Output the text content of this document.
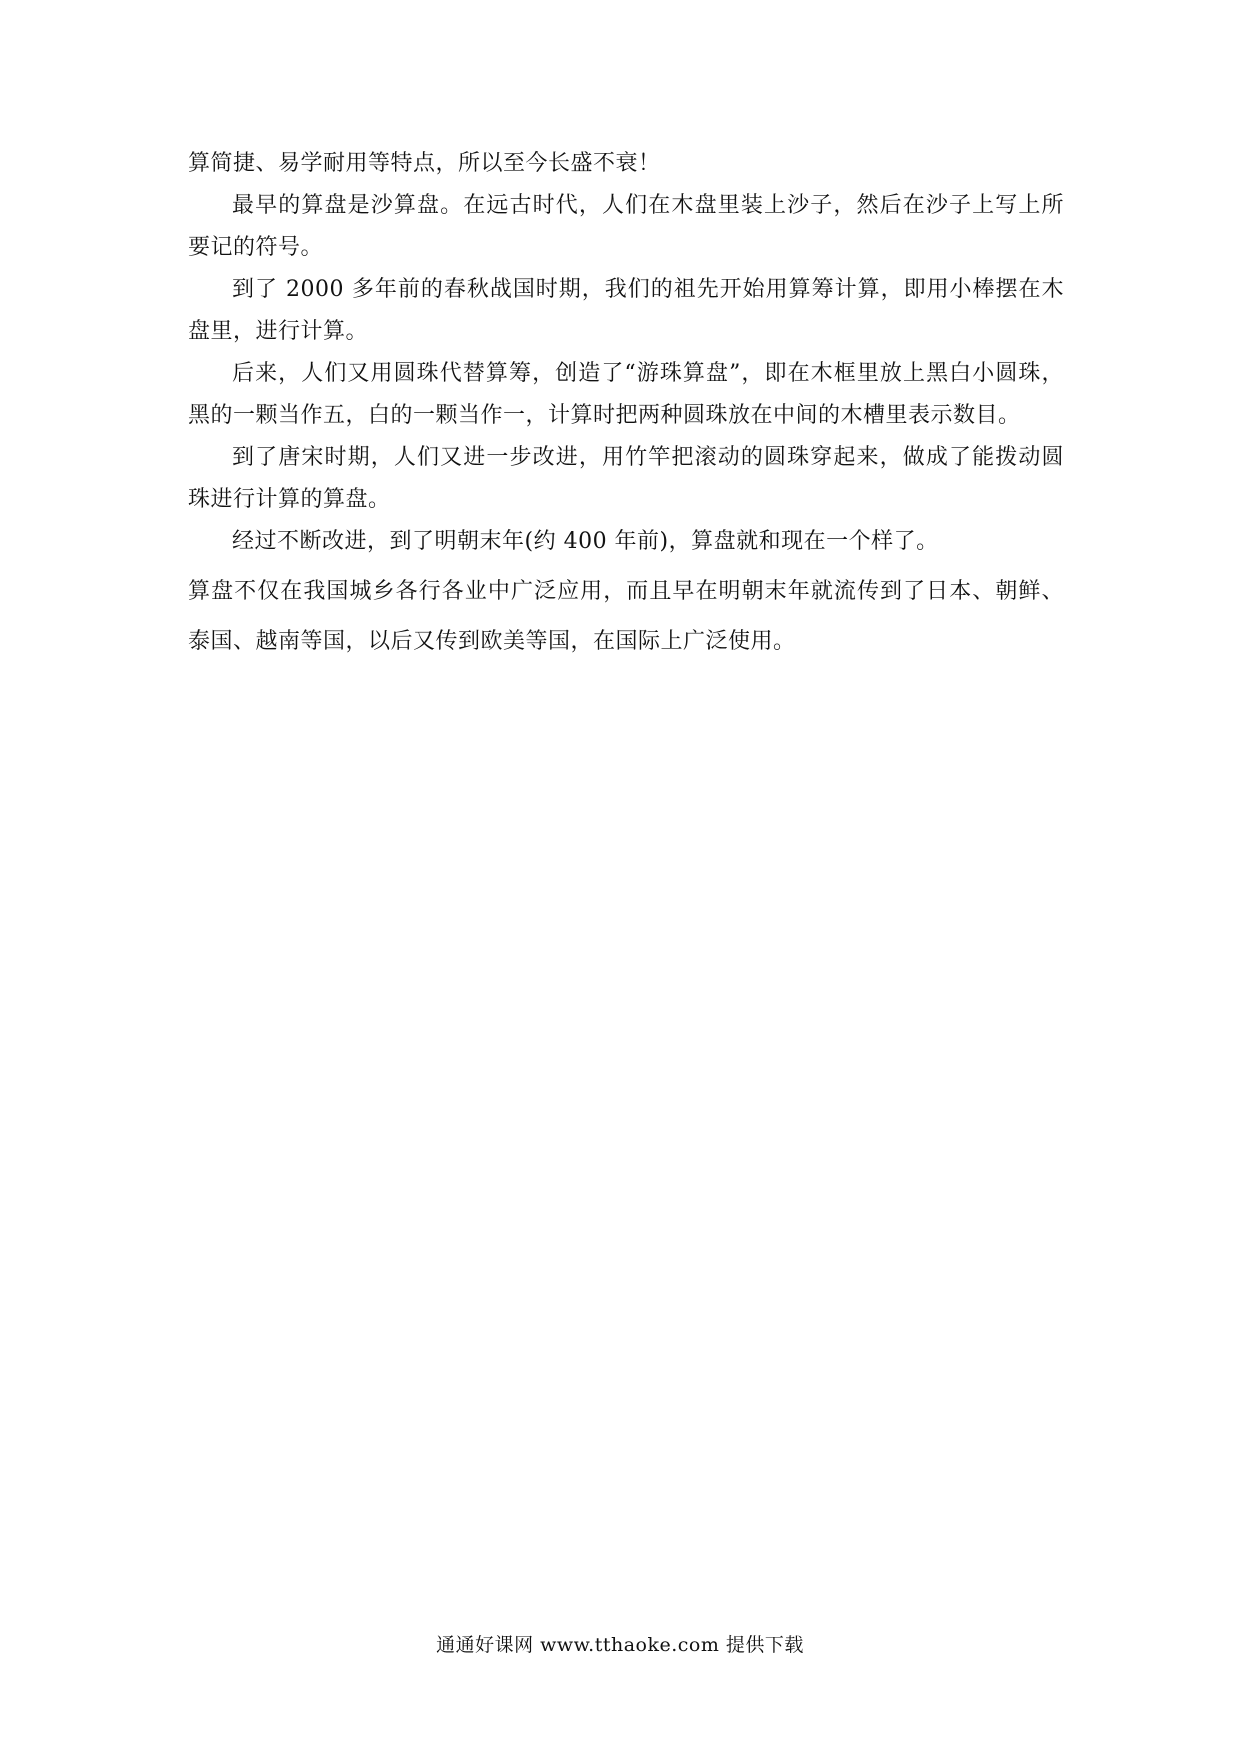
算简捷、易学耐用等特点，所以至今长盛不衰！

最早的算盘是沙算盘。在远古时代，人们在木盘里装上沙子，然后在沙子上写上所要记的符号。

到了 2000 多年前的春秋战国时期，我们的祖先开始用算筹计算，即用小棒摆在木盘里，进行计算。

后来，人们又用圆珠代替算筹，创造了“游珠算盘”，即在木框里放上黑白小圆珠，黑的一颗当作五，白的一颗当作一，计算时把两种圆珠放在中间的木槽里表示数目。

到了唐宋时期，人们又进一步改进，用竹竿把滚动的圆珠穿起来，做成了能拨动圆珠进行计算的算盘。

经过不断改进，到了明朝末年(约 400 年前)，算盘就和现在一个样了。

算盘不仅在我国城乡各行各业中广泛应用，而且早在明朝末年就流传到了日本、朝鲜、泰国、越南等国，以后又传到欧美等国，在国际上广泛使用。

通通好课网 www.tthaoke.com 提供下载
